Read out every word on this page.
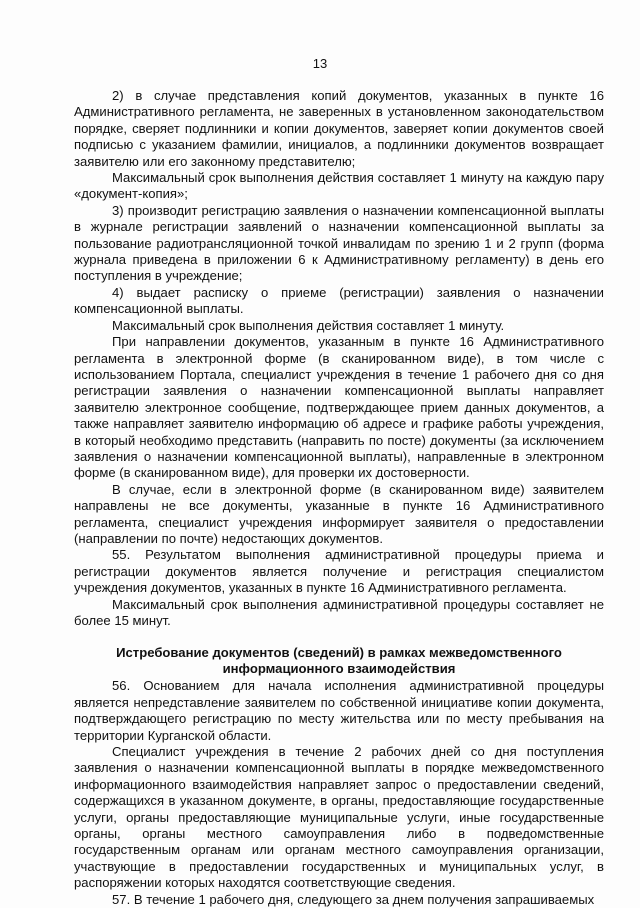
13

2) в случае представления копий документов, указанных в пункте 16 Административного регламента, не заверенных в установленном законодательством порядке, сверяет подлинники и копии документов, заверяет копии документов своей подписью с указанием фамилии, инициалов, а подлинники документов возвращает заявителю или его законному представителю;

Максимальный срок выполнения действия составляет 1 минуту на каждую пару «документ-копия»;

3) производит регистрацию заявления о назначении компенсационной выплаты в журнале регистрации заявлений о назначении компенсационной выплаты за пользование радиотрансляционной точкой инвалидам по зрению 1 и 2 групп (форма журнала приведена в приложении 6 к Административному регламенту) в день его поступления в учреждение;

4) выдает расписку о приеме (регистрации) заявления о назначении компенсационной выплаты.

Максимальный срок выполнения действия составляет 1 минуту.

При направлении документов, указанным в пункте 16 Административного регламента в электронной форме (в сканированном виде), в том числе с использованием Портала, специалист учреждения в течение 1 рабочего дня со дня регистрации заявления о назначении компенсационной выплаты направляет заявителю электронное сообщение, подтверждающее прием данных документов, а также направляет заявителю информацию об адресе и графике работы учреждения, в который необходимо представить (направить по посте) документы (за исключением заявления о назначении компенсационной выплаты), направленные в электронном форме (в сканированном виде), для проверки их достоверности.

В случае, если в электронной форме (в сканированном виде) заявителем направлены не все документы, указанные в пункте 16 Административного регламента, специалист учреждения информирует заявителя о предоставлении (направлении по почте) недостающих документов.

55. Результатом выполнения административной процедуры приема и регистрации документов является получение и регистрация специалистом учреждения документов, указанных в пункте 16 Административного регламента.

Максимальный срок выполнения административной процедуры составляет не более 15 минут.

Истребование документов (сведений) в рамках межведомственного информационного взаимодействия

56. Основанием для начала исполнения административной процедуры является непредставление заявителем по собственной инициативе копии документа, подтверждающего регистрацию по месту жительства или по месту пребывания на территории Курганской области.

Специалист учреждения в течение 2 рабочих дней со дня поступления заявления о назначении компенсационной выплаты в порядке межведомственного информационного взаимодействия направляет запрос о предоставлении сведений, содержащихся в указанном документе, в органы, предоставляющие государственные услуги, органы предоставляющие муниципальные услуги, иные государственные органы, органы местного самоуправления либо в подведомственные государственным органам или органам местного самоуправления организации, участвующие в предоставлении государственных и муниципальных услуг, в распоряжении которых находятся соответствующие сведения.

57. В течение 1 рабочего дня, следующего за днем получения запрашиваемых
